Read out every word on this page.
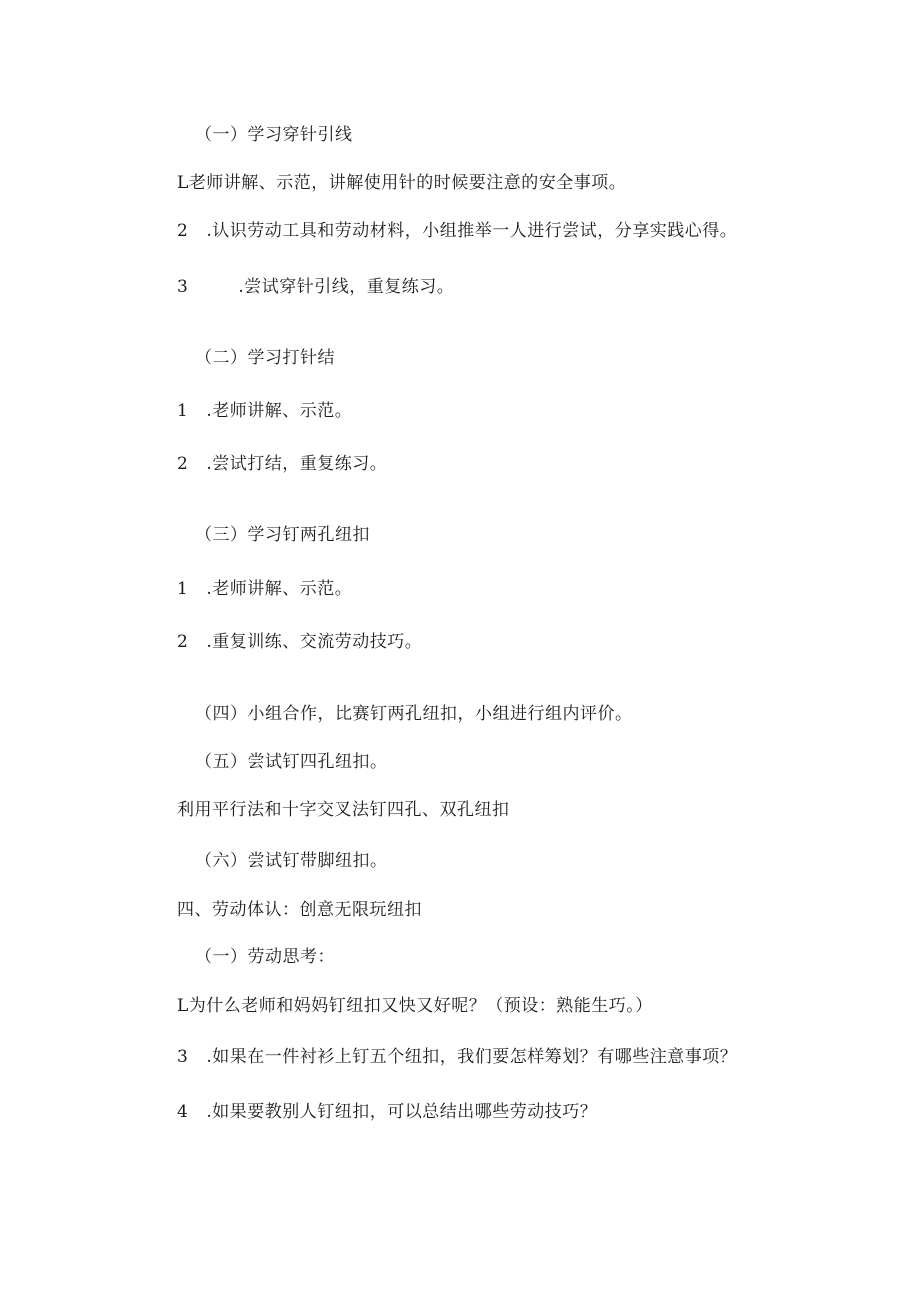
（一）学习穿针引线
L老师讲解、示范，讲解使用针的时候要注意的安全事项。
2 .认识劳动工具和劳动材料，小组推举一人进行尝试，分享实践心得。
3	.尝试穿针引线，重复练习。
（二）学习打针结
1 .老师讲解、示范。
2 .尝试打结，重复练习。
（三）学习钉两孔纽扣
1 .老师讲解、示范。
2 .重复训练、交流劳动技巧。
（四）小组合作，比赛钉两孔纽扣，小组进行组内评价。
（五）尝试钉四孔纽扣。
利用平行法和十字交叉法钉四孔、双孔纽扣
（六）尝试钉带脚纽扣。
四、劳动体认：创意无限玩纽扣
（一）劳动思考：
L为什么老师和妈妈钉纽扣又快又好呢？（预设：熟能生巧。）
3 .如果在一件衬衫上钉五个纽扣，我们要怎样筹划？有哪些注意事项？
4 .如果要教别人钉纽扣，可以总结出哪些劳动技巧？
